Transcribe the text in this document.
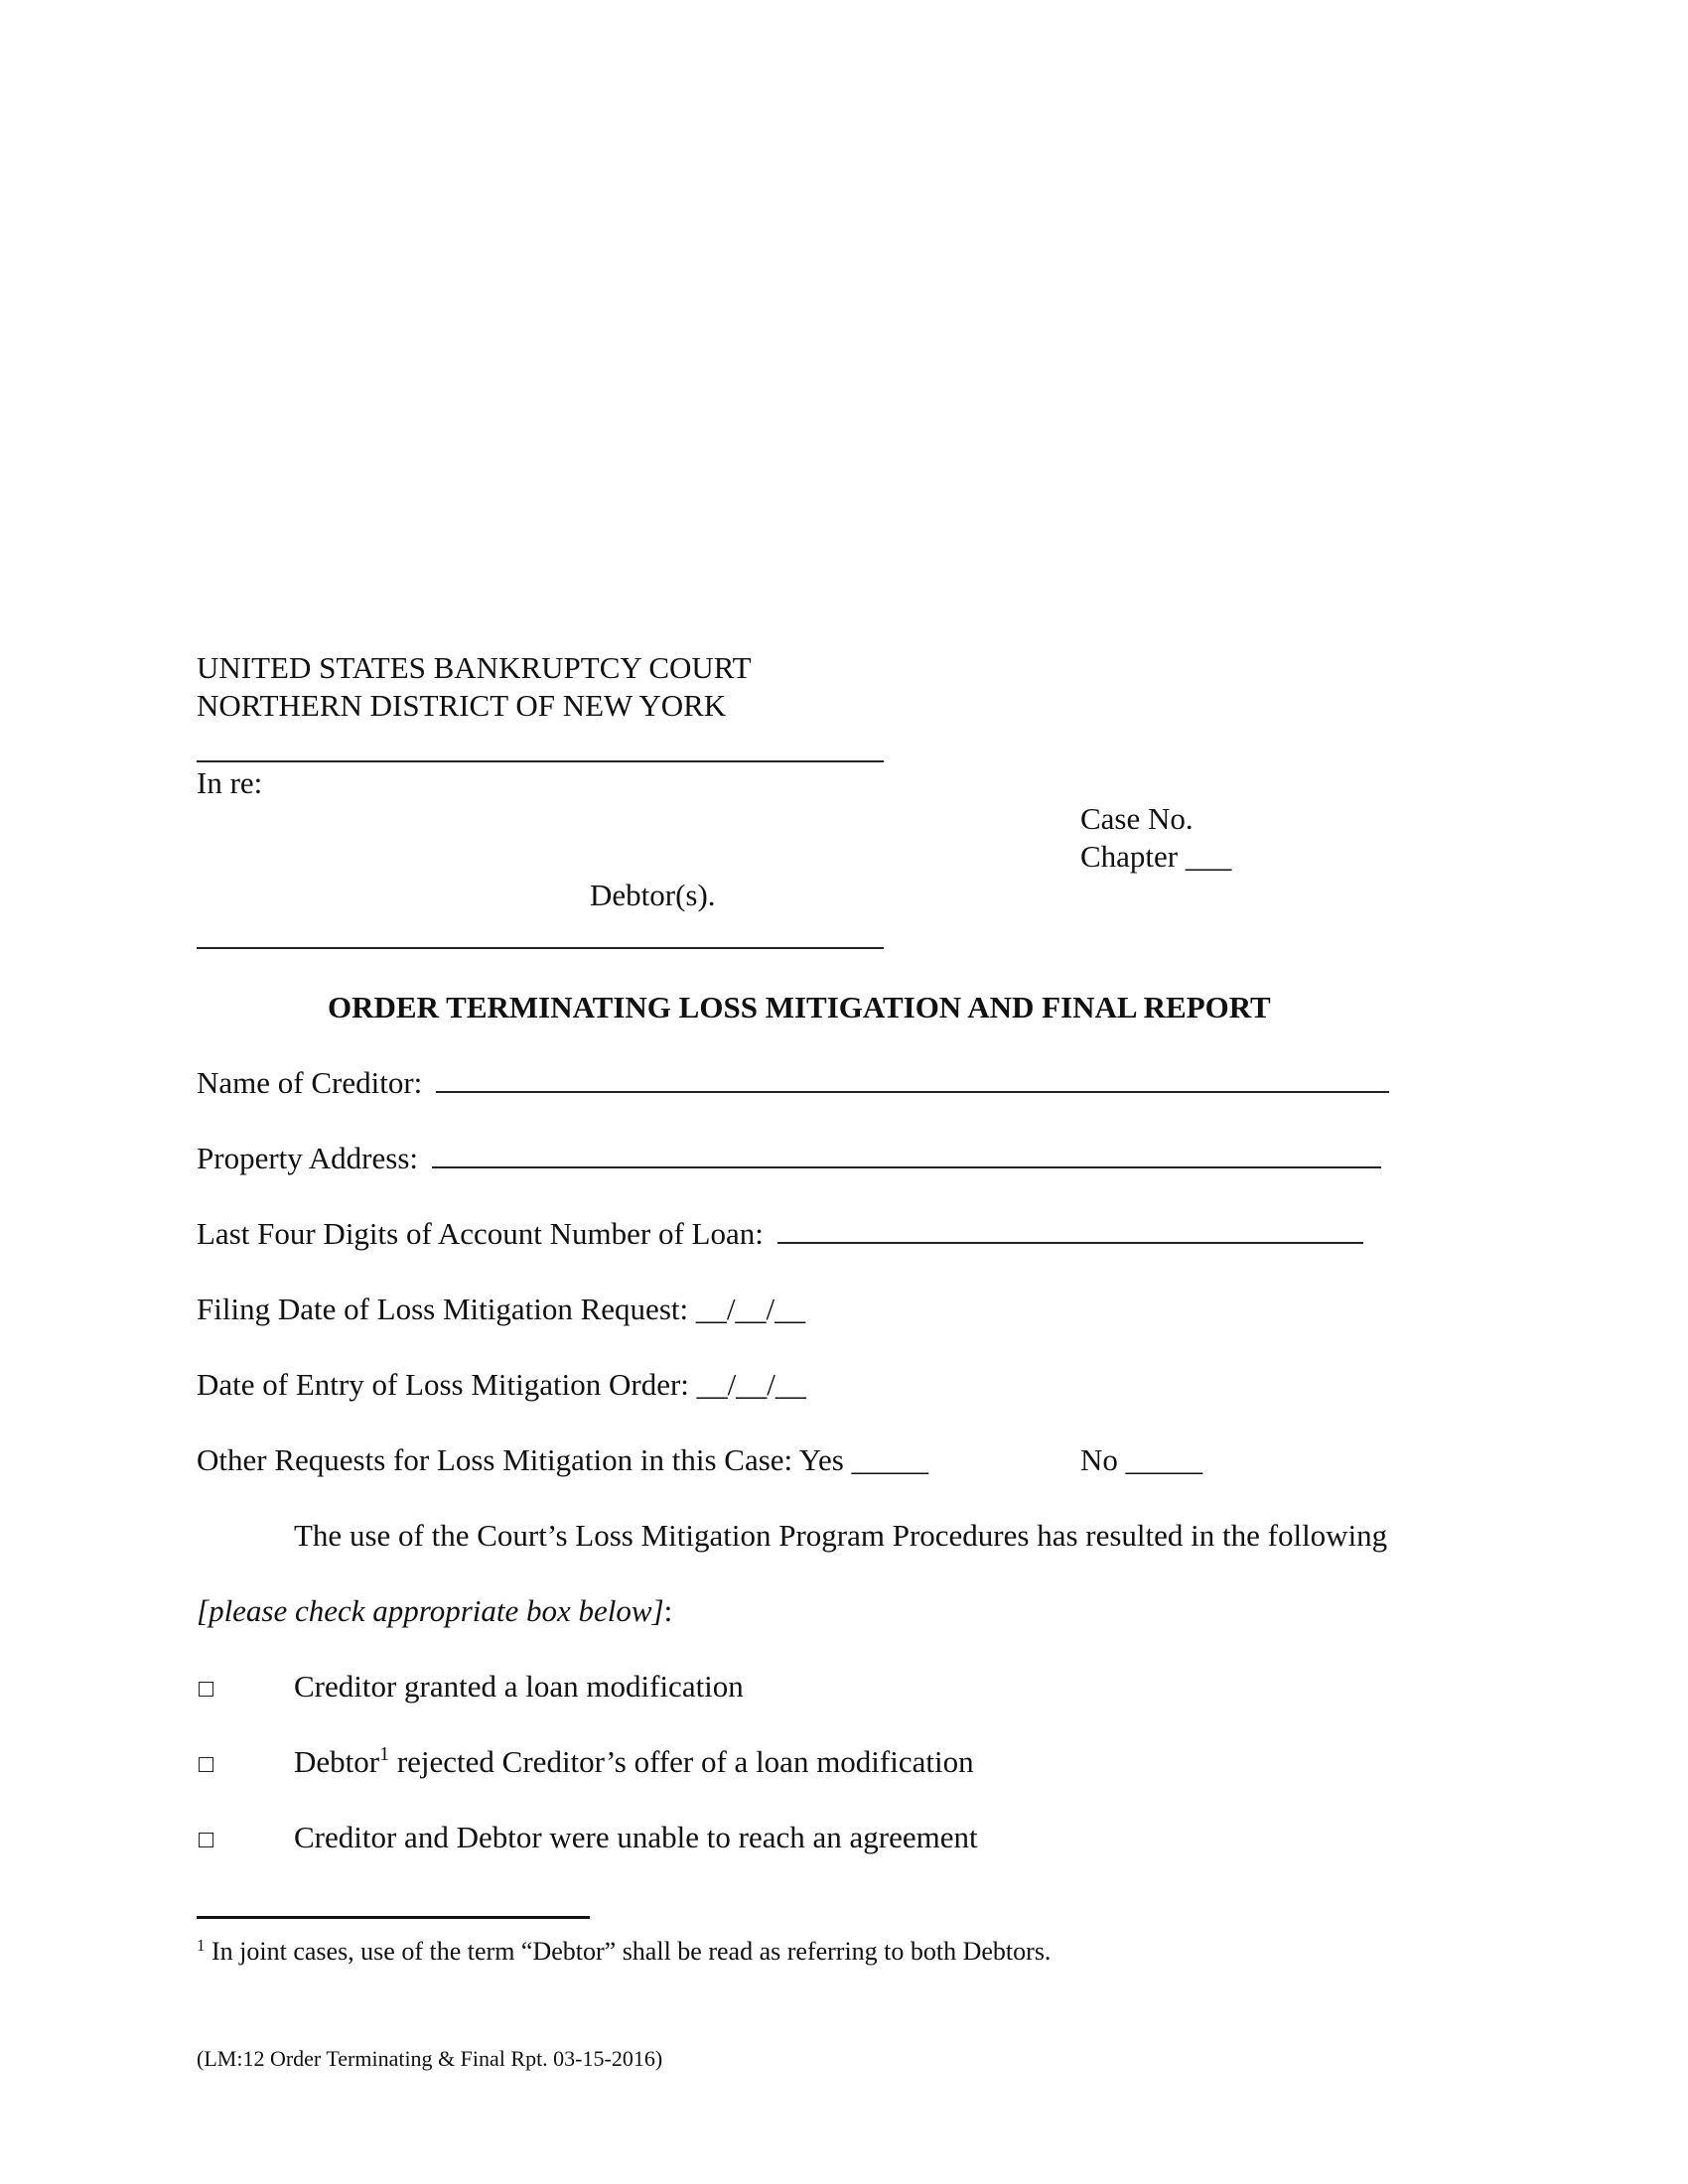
UNITED STATES BANKRUPTCY COURT
NORTHERN DISTRICT OF NEW YORK
In re:
Case No.
Chapter ___
Debtor(s).
ORDER TERMINATING LOSS MITIGATION AND FINAL REPORT
Name of Creditor:
Property Address:
Last Four Digits of Account Number of Loan:
Filing Date of Loss Mitigation Request: __/__/__
Date of Entry of Loss Mitigation Order: __/__/__
Other Requests for Loss Mitigation in this Case: Yes _____	No _____
The use of the Court’s Loss Mitigation Program Procedures has resulted in the following
[please check appropriate box below]:
Creditor granted a loan modification
Debtor$^1$ rejected Creditor’s offer of a loan modification
Creditor and Debtor were unable to reach an agreement
$^1$ In joint cases, use of the term “Debtor” shall be read as referring to both Debtors.
(LM:12 Order Terminating & Final Rpt. 03-15-2016)
